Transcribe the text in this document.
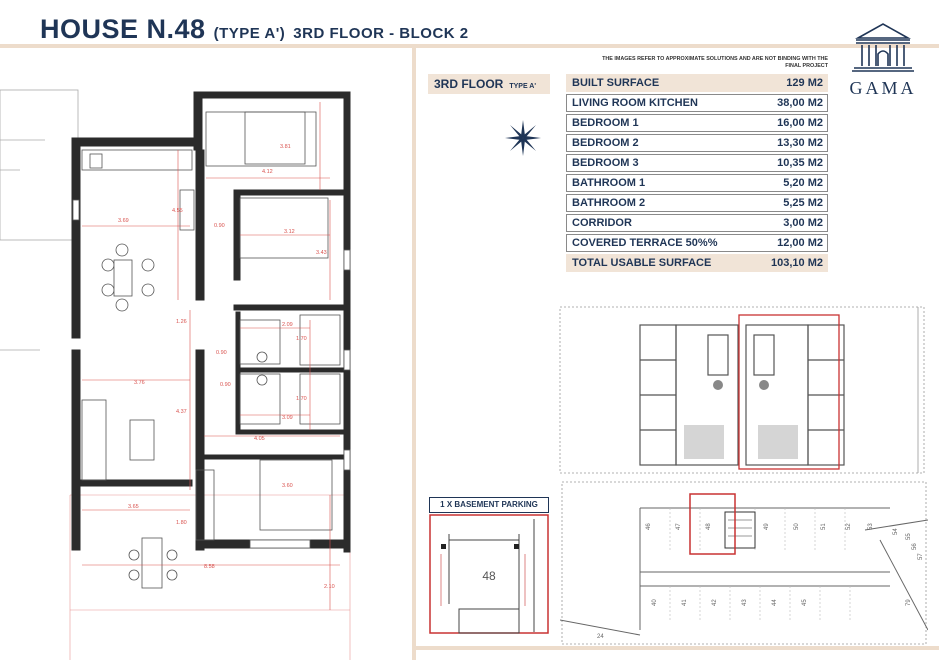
HOUSE N.48 (TYPE A') 3RD FLOOR - BLOCK 2
THE IMAGES REFER TO APPROXIMATE SOLUTIONS AND ARE NOT BINDING WITH THE FINAL PROJECT
GAMA
3RD FLOOR TYPE A'	BUILT SURFACE	129 M2
LIVING ROOM KITCHEN	38,00 M2
BEDROOM 1	16,00 M2
BEDROOM 2	13,30 M2
BEDROOM 3	10,35 M2
BATHROOM 1	5,20 M2
BATHROOM 2	5,25 M2
CORRIDOR	3,00 M2
COVERED TERRACE 50%%	12,00 M2
TOTAL USABLE SURFACE	103,10 M2
1 X BASEMENT PARKING
48
46	47	48	49	50	51	52	53
54
55
56
57
40	41	42	43	44	45
24
79
3.81
4.12
3.69
4.55
0.90
3.43
3.12
1.26	2.09
1.70
0.90
0.90
3.76
1.70
4.37
3.09
4.05
3.60
3.65
1.80
8.58
2.10
